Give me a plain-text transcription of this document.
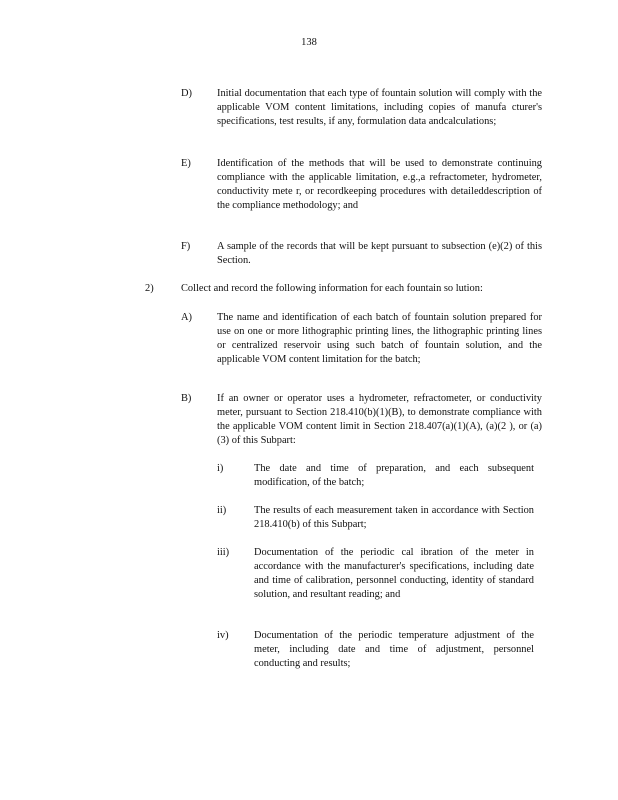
138
D) Initial documentation that each type of fountain solution will comply with the applicable VOM content limitations, including copies of manufa cturer's specifications, test results, if any, formulation data andcalculations;
E)	Identification of the methods that will be used to demonstrate continuing compliance with the applicable limitation, e.g.,a refractometer, hydrometer, conductivity mete r, or recordkeeping procedures with detaileddescription of the compliance methodology; and
F)	A sample of the records that will be kept pursuant to subsection (e)(2) of this Section.
2)	Collect and record the following information for each fountain so lution:
A) The name and identification of each batch of fountain solution prepared for use on one or more lithographic printing lines, the lithographic printing lines or centralized reservoir using such batch of fountain solution, and the applicable VOM content limitation for the batch;
B) If an owner or operator uses a hydrometer, refractometer, or conductivity meter, pursuant to Section 218.410(b)(1)(B), to demonstrate compliance with the applicable VOM content limit in Section 218.407(a)(1)(A), (a)(2 ), or (a)(3) of this Subpart:
i)	The date and time of preparation, and each subsequent modification, of the batch;
ii)	The results of each measurement taken in accordance with Section 218.410(b) of this Subpart;
iii) Documentation of the periodic cal ibration of the meter in accordance with the manufacturer's specifications, including date and time of calibration, personnel conducting, identity of standard solution, and resultant reading; and
iv) Documentation of the periodic temperature adjustment of the meter, including date and time of adjustment, personnel conducting and results;
